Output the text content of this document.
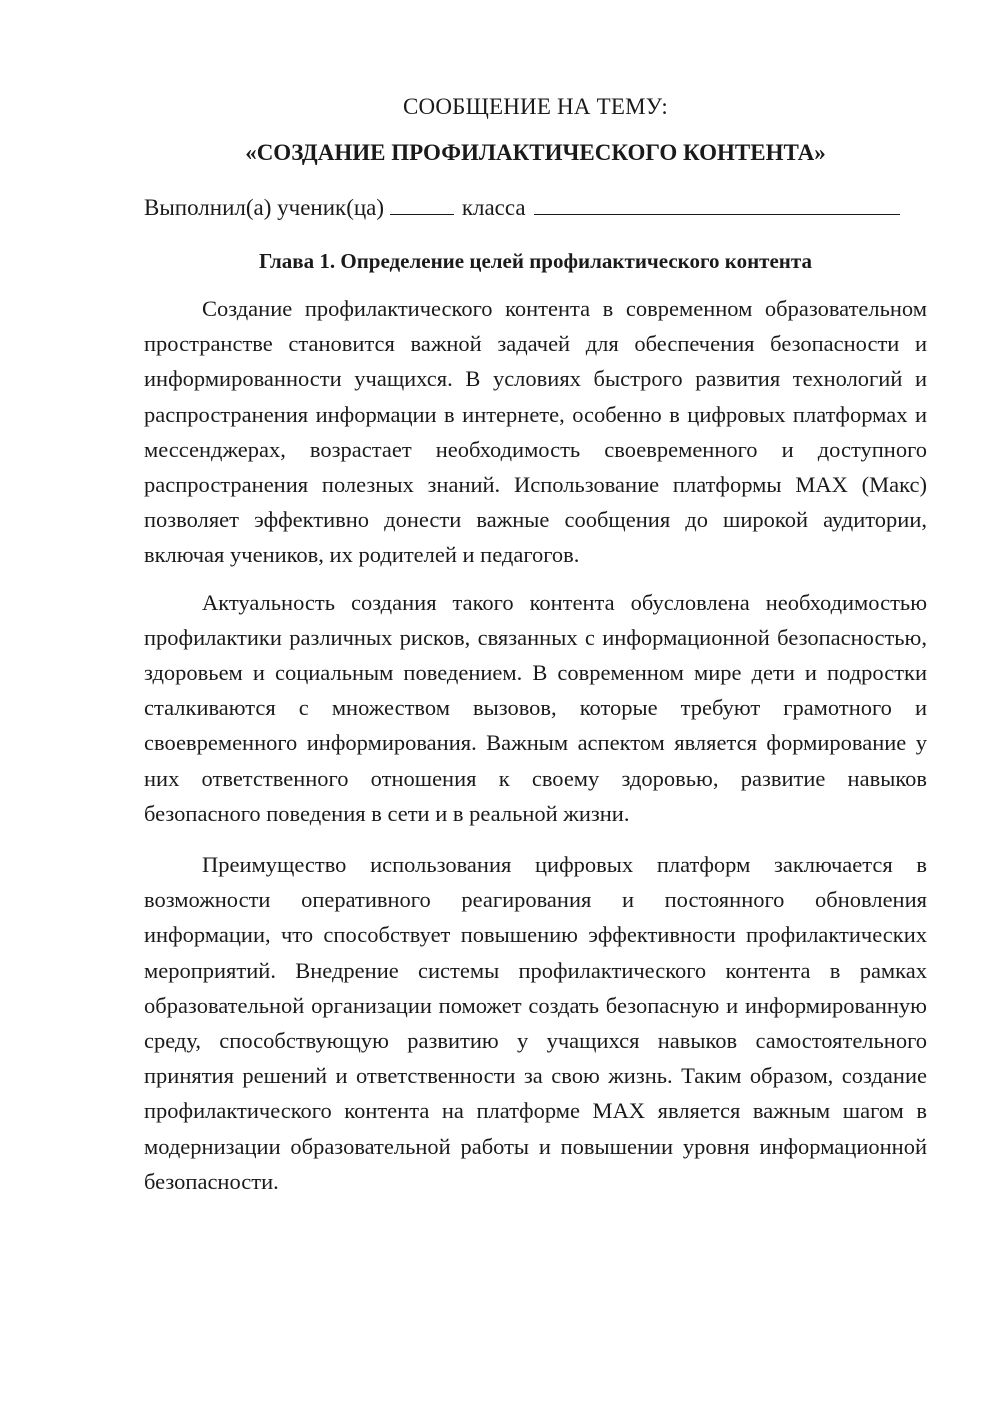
СООБЩЕНИЕ НА ТЕМУ:

«СОЗДАНИЕ ПРОФИЛАКТИЧЕСКОГО КОНТЕНТА»

Выполнил(а) ученик(ца)	класса

Глава 1. Определение целей профилактического контента

Создание профилактического контента в современном образовательном пространстве становится важной задачей для обеспечения безопасности и информированности учащихся. В условиях быстрого развития технологий и распространения информации в интернете, особенно в цифровых платформах и мессенджерах, возрастает необходимость своевременного и доступного распространения полезных знаний. Использование платформы MAX (Макс) позволяет эффективно донести важные сообщения до широкой аудитории, включая учеников, их родителей и педагогов.

Актуальность создания такого контента обусловлена необходимостью профилактики различных рисков, связанных с информационной безопасностью, здоровьем и социальным поведением. В современном мире дети и подростки сталкиваются с множеством вызовов, которые требуют грамотного и своевременного информирования. Важным аспектом является формирование у них ответственного отношения к своему здоровью, развитие навыков безопасного поведения в сети и в реальной жизни.

Преимущество использования цифровых платформ заключается в возможности оперативного реагирования и постоянного обновления информации, что способствует повышению эффективности профилактических мероприятий. Внедрение системы профилактического контента в рамках образовательной организации поможет создать безопасную и информированную среду, способствующую развитию у учащихся навыков самостоятельного принятия решений и ответственности за свою жизнь. Таким образом, создание профилактического контента на платформе MAX является важным шагом в модернизации образовательной работы и повышении уровня информационной безопасности.
